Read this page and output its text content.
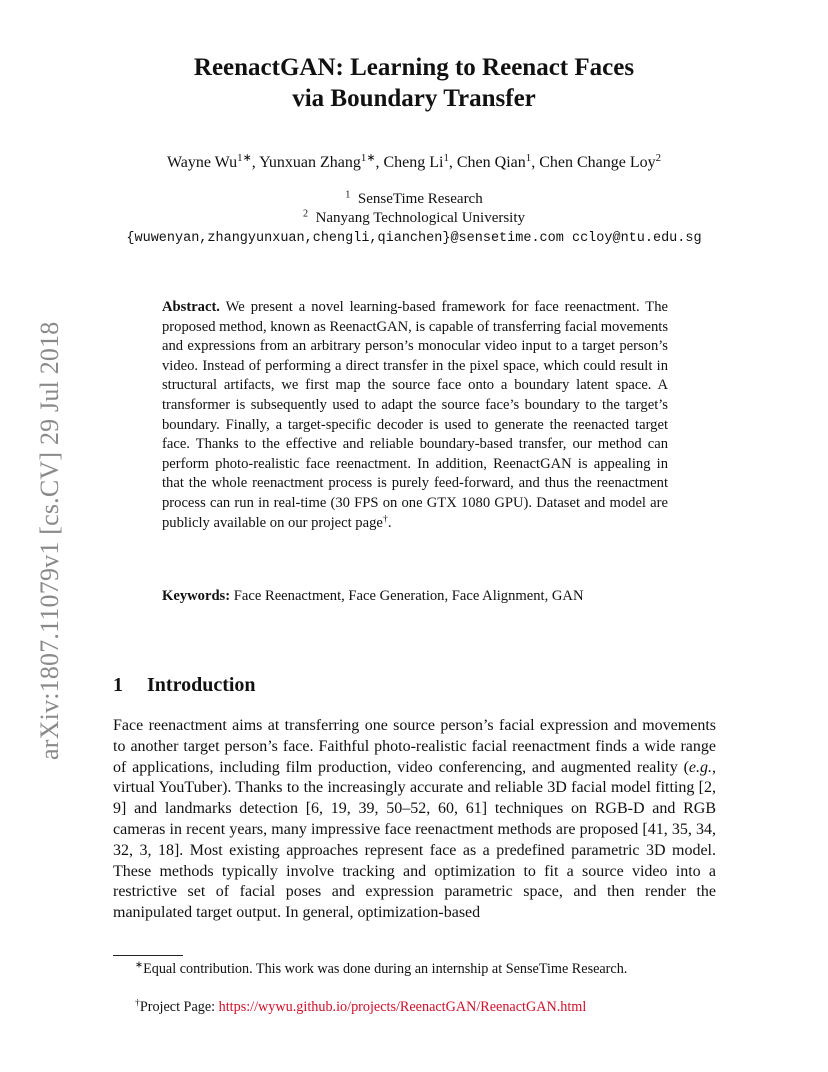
arXiv:1807.11079v1 [cs.CV] 29 Jul 2018
ReenactGAN: Learning to Reenact Faces
via Boundary Transfer
Wayne $Wu^{1∗}$, Yunxuan Zhang$^{1∗}$, Cheng Li$^1$, Chen Qian$^1$, Chen Change Loy$^2$
$^1$ SenseTime Research
$^2$ Nanyang Technological University
{wuwenyan,zhangyunxuan,chengli,qianchen}@sensetime.com ccloy@ntu.edu.sg
Abstract. We present a novel learning-based framework for face reenactment. The proposed method, known as ReenactGAN, is capable of transferring facial movements and expressions from an arbitrary person’s monocular video input to a target person’s video. Instead of performing a direct transfer in the pixel space, which could result in structural artifacts, we first map the source face onto a boundary latent space. A transformer is subsequently used to adapt the source face’s boundary to the target’s boundary. Finally, a target-specific decoder is used to generate the reenacted target face. Thanks to the effective and reliable boundary-based transfer, our method can perform photo-realistic face reenactment. In addition, ReenactGAN is appealing in that the whole reenactment process is purely feed-forward, and thus the reenactment process can run in real-time (30 FPS on one GTX 1080 GPU). Dataset and model are publicly available on our project page†.
Keywords: Face Reenactment, Face Generation, Face Alignment, GAN
1 Introduction
Face reenactment aims at transferring one source person’s facial expression and movements to another target person’s face. Faithful photo-realistic facial reenactment finds a wide range of applications, including film production, video conferencing, and augmented reality (e.g., virtual YouTuber). Thanks to the increasingly accurate and reliable 3D facial model fitting [2, 9] and landmarks detection [6, 19, 39, 50–52, 60, 61] techniques on RGB-D and RGB cameras in recent years, many impressive face reenactment methods are proposed [41, 35, 34, 32, 3, 18]. Most existing approaches represent face as a predefined parametric 3D model. These methods typically involve tracking and optimization to fit a source video into a restrictive set of facial poses and expression parametric space, and then render the manipulated target output. In general, optimization-based
∗Equal contribution. This work was done during an internship at SenseTime Research.
†Project Page: https://wywu.github.io/projects/ReenactGAN/ReenactGAN.html
